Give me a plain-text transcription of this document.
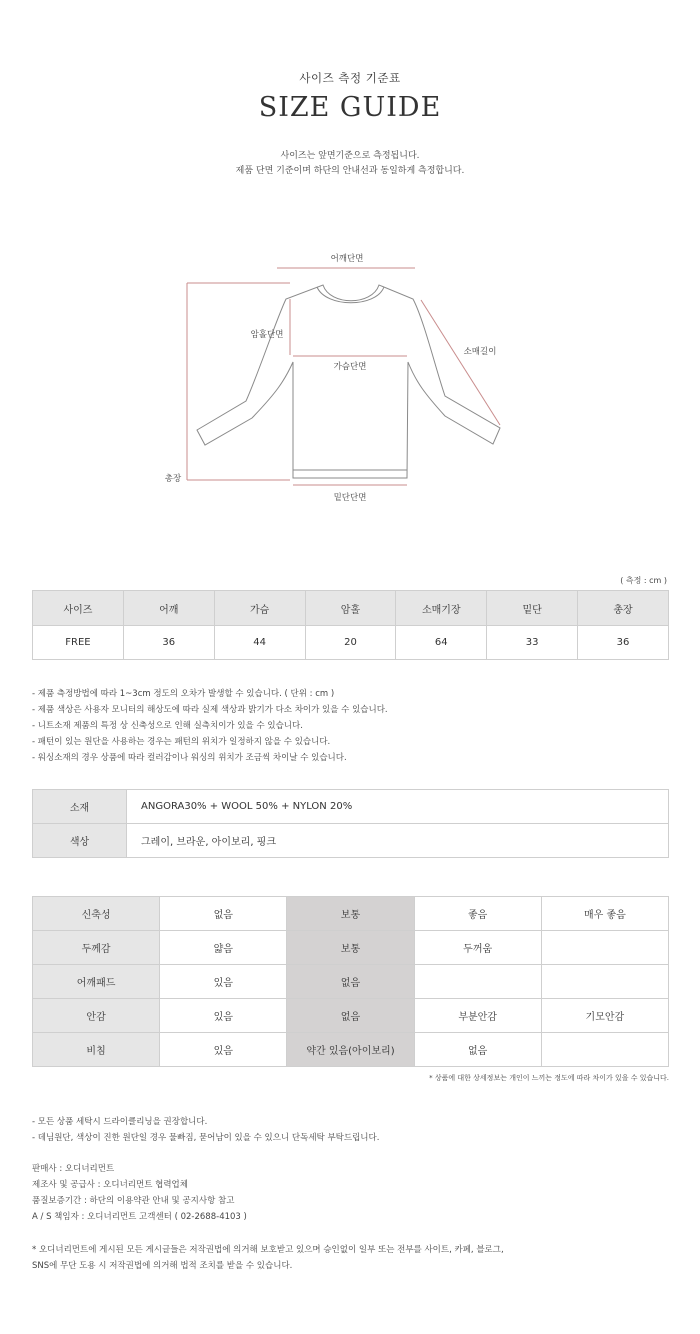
사이즈 측정 기준표
SIZE GUIDE
사이즈는 앞면기준으로 측정됩니다.
제품 단면 기준이며 하단의 안내선과 동일하게 측정합니다.
어깨단면
암홀단면
가슴단면
소매길이
총장
밑단단면
( 측정 : cm )
사이즈	어깨	가슴	암홀	소매기장	밑단	총장
FREE	36	44	20	64	33	36
- 제품 측정방법에 따라 1~3cm 정도의 오차가 발생할 수 있습니다. ( 단위 : cm )
- 제품 색상은 사용자 모니터의 해상도에 따라 실제 색상과 밝기가 다소 차이가 있을 수 있습니다.
- 니트소재 제품의 특정 상 신축성으로 인해 실측치이가 있을 수 있습니다.
- 패턴이 있는 원단을 사용하는 경우는 패턴의 위치가 일정하지 않을 수 있습니다.
- 워싱소재의 경우 상품에 따라 컬러감이나 워싱의 위치가 조금씩 차이날 수 있습니다.
소재	ANGORA30% + WOOL 50% + NYLON 20%
색상	그레이, 브라운, 아이보리, 핑크
신축성	없음	보통	좋음	매우 좋음
두께감	얇음	보통	두꺼움	
어깨패드	있음	없음		
안감	있음	없음	부분안감	기모안감
비침	있음	약간 있음(아이보리)	없음	
* 상품에 대한 상세정보는 개인이 느끼는 정도에 따라 차이가 있을 수 있습니다.
- 모든 상품 세탁시 드라이클리닝을 권장합니다.
- 데님원단, 색상이 진한 원단일 경우 물빠짐, 묻어남이 있을 수 있으니 단독세탁 부탁드립니다.
판매사 : 오디너리먼트
제조사 및 공급사 : 오디너리먼트 협력업체
품질보증기간 : 하단의 이용약관 안내 및 공지사항 참고
A / S 책임자 : 오디너리먼트 고객센터 ( 02-2688-4103 )
* 오디너리먼트에 게시된 모든 게시글들은 저작권법에 의거해 보호받고 있으며 승인없이 일부 또는 전부를 사이트, 카페, 블로그,
SNS에 무단 도용 시 저작권법에 의거해 법적 조치를 받을 수 있습니다.
